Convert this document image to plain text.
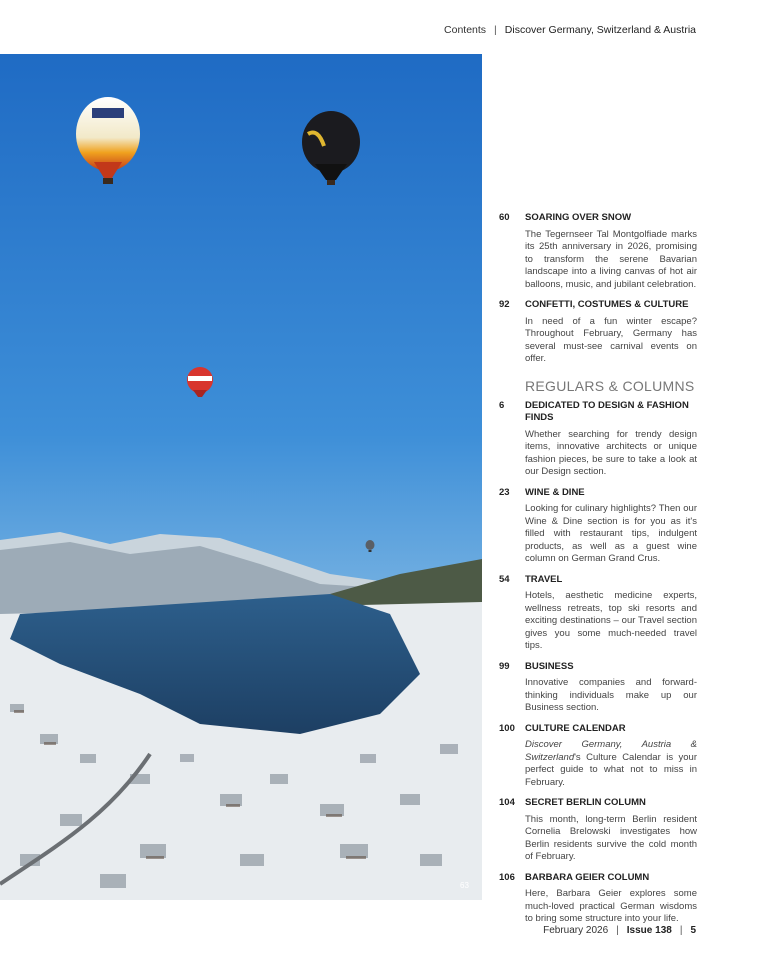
Contents | Discover Germany, Switzerland & Austria
63
60	SOARING OVER SNOW
The Tegernseer Tal Montgolfiade marks its 25th anniversary in 2026, promising to transform the serene Bavarian landscape into a living canvas of hot air balloons, music, and jubilant celebration.
92	CONFETTI, COSTUMES & CULTURE
In need of a fun winter escape? Throughout February, Germany has several must-see carnival events on offer.
REGULARS & COLUMNS
6	DEDICATED TO DESIGN & FASHION FINDS
Whether searching for trendy design items, innovative architects or unique fashion pieces, be sure to take a look at our Design section.
23	WINE & DINE
Looking for culinary highlights? Then our Wine & Dine section is for you as it's filled with restaurant tips, indulgent products, as well as a guest wine column on German Grand Crus.
54	TRAVEL
Hotels, aesthetic medicine experts, wellness retreats, top ski resorts and exciting destinations – our Travel section gives you some much-needed travel tips.
99	BUSINESS
Innovative companies and forward-thinking individuals make up our Business section.
100	CULTURE CALENDAR
Discover Germany, Austria & Switzerland's Culture Calendar is your perfect guide to what not to miss in February.
104	SECRET BERLIN COLUMN
This month, long-term Berlin resident Cornelia Brelowski investigates how Berlin residents survive the cold month of February.
106	BARBARA GEIER COLUMN
Here, Barbara Geier explores some much-loved practical German wisdoms to bring some structure into your life.
February 2026 | Issue 138 | 5
